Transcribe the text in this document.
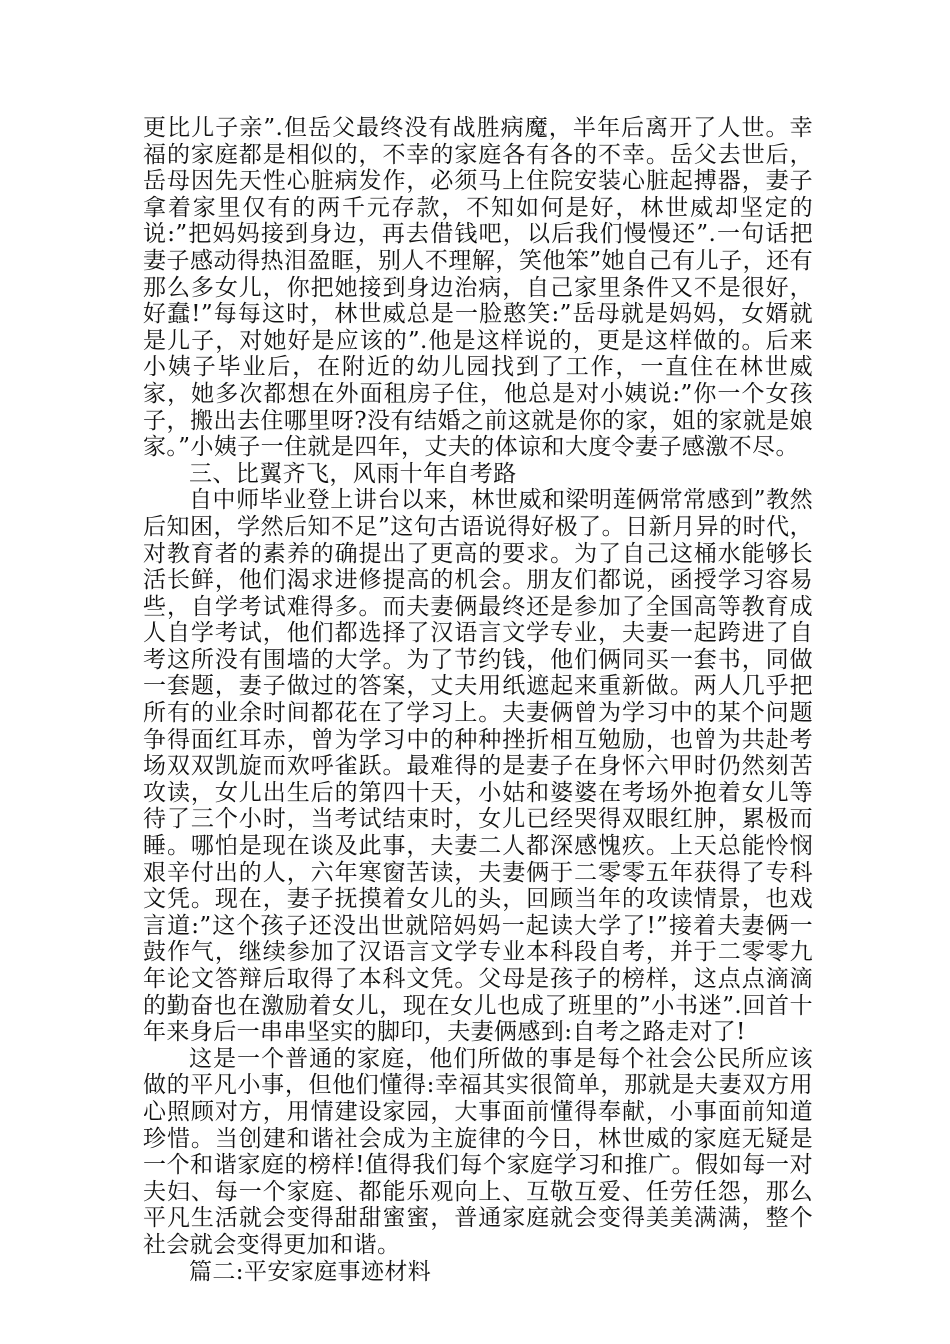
更比儿子亲”.但岳父最终没有战胜病魔，半年后离开了人世。幸福的家庭都是相似的，不幸的家庭各有各的不幸。岳父去世后，岳母因先天性心脏病发作，必须马上住院安装心脏起搏器，妻子拿着家里仅有的两千元存款，不知如何是好，林世威却坚定的说:”把妈妈接到身边，再去借钱吧，以后我们慢慢还”.一句话把妻子感动得热泪盈眶，别人不理解，笑他笨”她自己有儿子，还有那么多女儿，你把她接到身边治病，自己家里条件又不是很好，好蠢!”每每这时，林世威总是一脸憨笑:”岳母就是妈妈，女婿就是儿子，对她好是应该的”.他是这样说的，更是这样做的。后来小姨子毕业后，在附近的幼儿园找到了工作，一直住在林世威家，她多次都想在外面租房子住，他总是对小姨说:”你一个女孩子，搬出去住哪里呀?没有结婚之前这就是你的家，姐的家就是娘家。”小姨子一住就是四年，丈夫的体谅和大度令妻子感激不尽。

三、比翼齐飞，风雨十年自考路

自中师毕业登上讲台以来，林世威和梁明莲俩常常感到”教然后知困，学然后知不足”这句古语说得好极了。日新月异的时代，对教育者的素养的确提出了更高的要求。为了自己这桶水能够长活长鲜，他们渴求进修提高的机会。朋友们都说，函授学习容易些，自学考试难得多。而夫妻俩最终还是参加了全国高等教育成人自学考试，他们都选择了汉语言文学专业，夫妻一起跨进了自考这所没有围墙的大学。为了节约钱，他们俩同买一套书，同做一套题，妻子做过的答案，丈夫用纸遮起来重新做。两人几乎把所有的业余时间都花在了学习上。夫妻俩曾为学习中的某个问题争得面红耳赤，曾为学习中的种种挫折相互勉励，也曾为共赴考场双双凯旋而欢呼雀跃。最难得的是妻子在身怀六甲时仍然刻苦攻读，女儿出生后的第四十天，小姑和婆婆在考场外抱着女儿等待了三个小时，当考试结束时，女儿已经哭得双眼红肿，累极而睡。哪怕是现在谈及此事，夫妻二人都深感愧疚。上天总能怜悯艰辛付出的人，六年寒窗苦读，夫妻俩于二零零五年获得了专科文凭。现在，妻子抚摸着女儿的头，回顾当年的攻读情景，也戏言道:”这个孩子还没出世就陪妈妈一起读大学了!”接着夫妻俩一鼓作气，继续参加了汉语言文学专业本科段自考，并于二零零九年论文答辩后取得了本科文凭。父母是孩子的榜样，这点点滴滴的勤奋也在激励着女儿，现在女儿也成了班里的”小书迷”.回首十年来身后一串串坚实的脚印，夫妻俩感到:自考之路走对了!

这是一个普通的家庭，他们所做的事是每个社会公民所应该做的平凡小事，但他们懂得:幸福其实很简单，那就是夫妻双方用心照顾对方，用情建设家园，大事面前懂得奉献，小事面前知道珍惜。当创建和谐社会成为主旋律的今日，林世威的家庭无疑是一个和谐家庭的榜样!值得我们每个家庭学习和推广。假如每一对夫妇、每一个家庭、都能乐观向上、互敬互爱、任劳任怨，那么平凡生活就会变得甜甜蜜蜜，普通家庭就会变得美美满满，整个社会就会变得更加和谐。

篇二:平安家庭事迹材料
